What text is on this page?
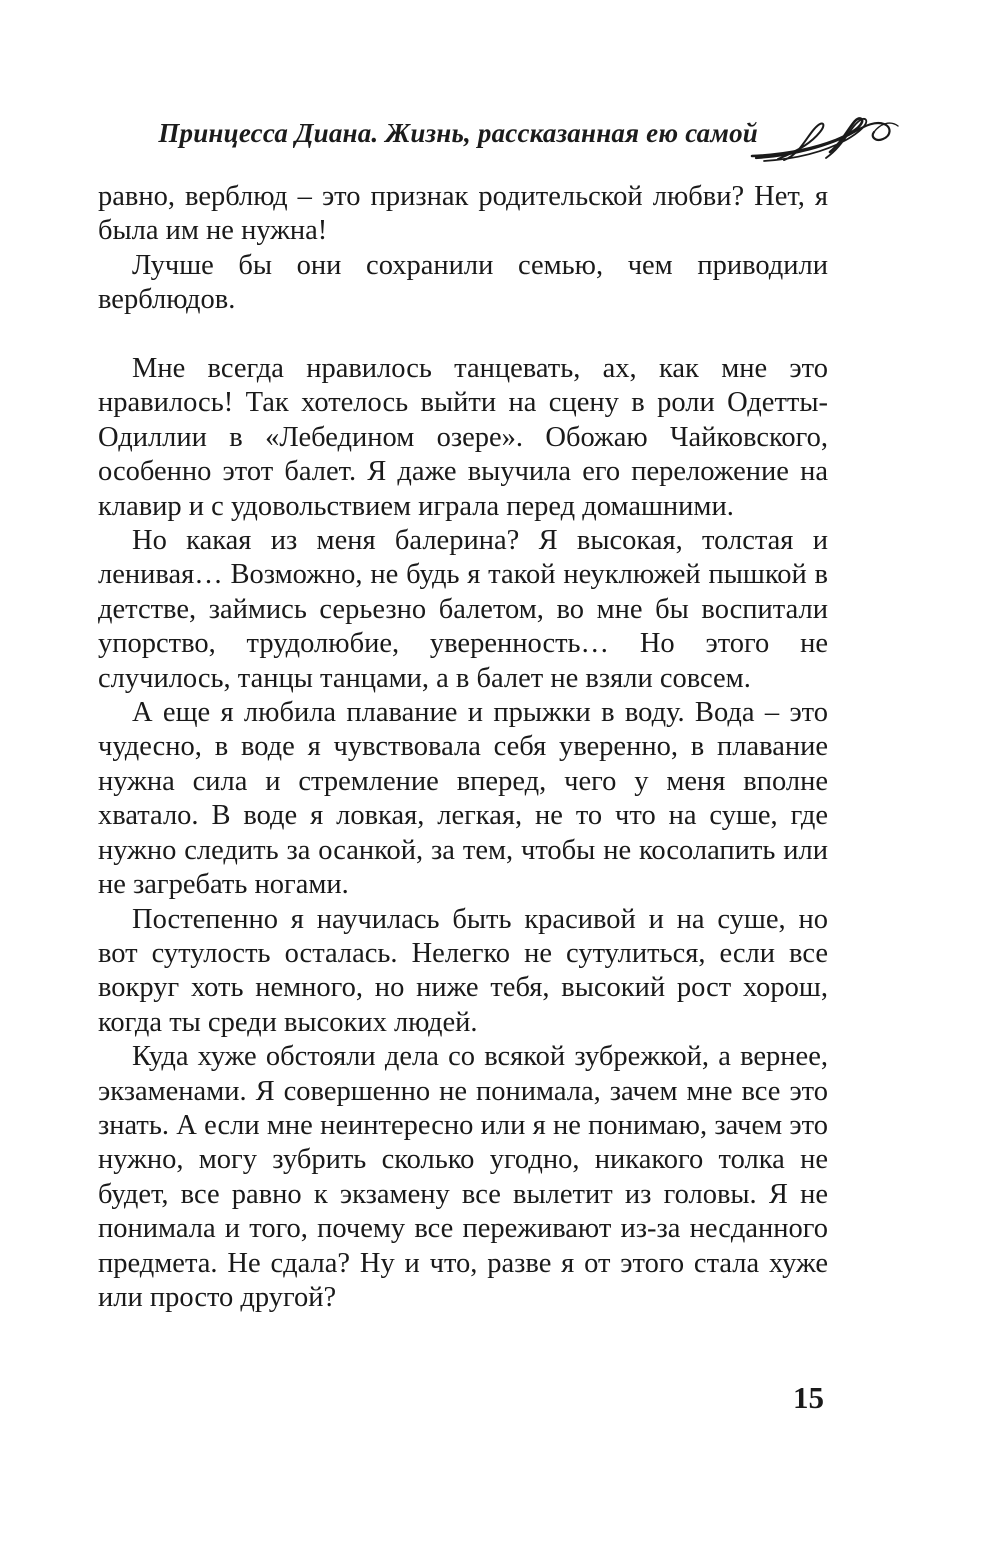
Принцесса Диана. Жизнь, рассказанная ею самой

равно, верблюд – это признак родительской любви? Нет, я была им не нужна!

Лучше бы они сохранили семью, чем приводили верблюдов.

Мне всегда нравилось танцевать, ах, как мне это нравилось! Так хотелось выйти на сцену в роли Одетты-Одиллии в «Лебедином озере». Обожаю Чайковского, особенно этот балет. Я даже выучила его переложение на клавир и с удовольствием играла перед домашними.

Но какая из меня балерина? Я высокая, толстая и ленивая… Возможно, не будь я такой неуклюжей пышкой в детстве, займись серьезно балетом, во мне бы воспитали упорство, трудолюбие, уверенность… Но этого не случилось, танцы танцами, а в балет не взяли совсем.

А еще я любила плавание и прыжки в воду. Вода – это чудесно, в воде я чувствовала себя уверенно, в плавание нужна сила и стремление вперед, чего у меня вполне хватало. В воде я ловкая, легкая, не то что на суше, где нужно следить за осанкой, за тем, чтобы не косолапить или не загребать ногами.

Постепенно я научилась быть красивой и на суше, но вот сутулость осталась. Нелегко не сутулиться, если все вокруг хоть немного, но ниже тебя, высокий рост хорош, когда ты среди высоких людей.

Куда хуже обстояли дела со всякой зубрежкой, а вернее, экзаменами. Я совершенно не понимала, зачем мне все это знать. А если мне неинтересно или я не понимаю, зачем это нужно, могу зубрить сколько угодно, никакого толка не будет, все равно к экзамену все вылетит из головы. Я не понимала и того, почему все переживают из-за несданного предмета. Не сдала? Ну и что, разве я от этого стала хуже или просто другой?

15
